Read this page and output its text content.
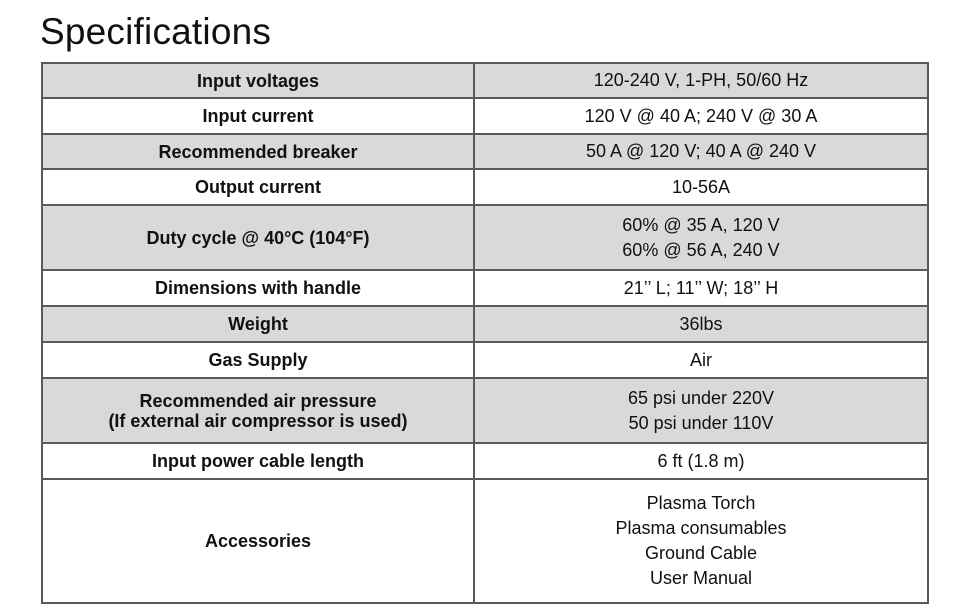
Specifications
Input voltages	120-240 V, 1-PH, 50/60 Hz

Input current	120 V @ 40 A; 240 V @ 30 A

Recommended breaker	50 A @ 120 V; 40 A @ 240 V

Output current	10-56A

Duty cycle @ 40°C (104°F)	60% @ 35 A, 120 V
60% @ 56 A, 240 V

Dimensions with handle	21’’ L; 11’’ W; 18’’ H

Weight	36lbs

Gas Supply	Air

Recommended air pressure
(If external air compressor is used)	65 psi under 220V
50 psi under 110V

Input power cable length	6 ft (1.8 m)

Accessories	Plasma Torch
Plasma consumables
Ground Cable
User Manual
